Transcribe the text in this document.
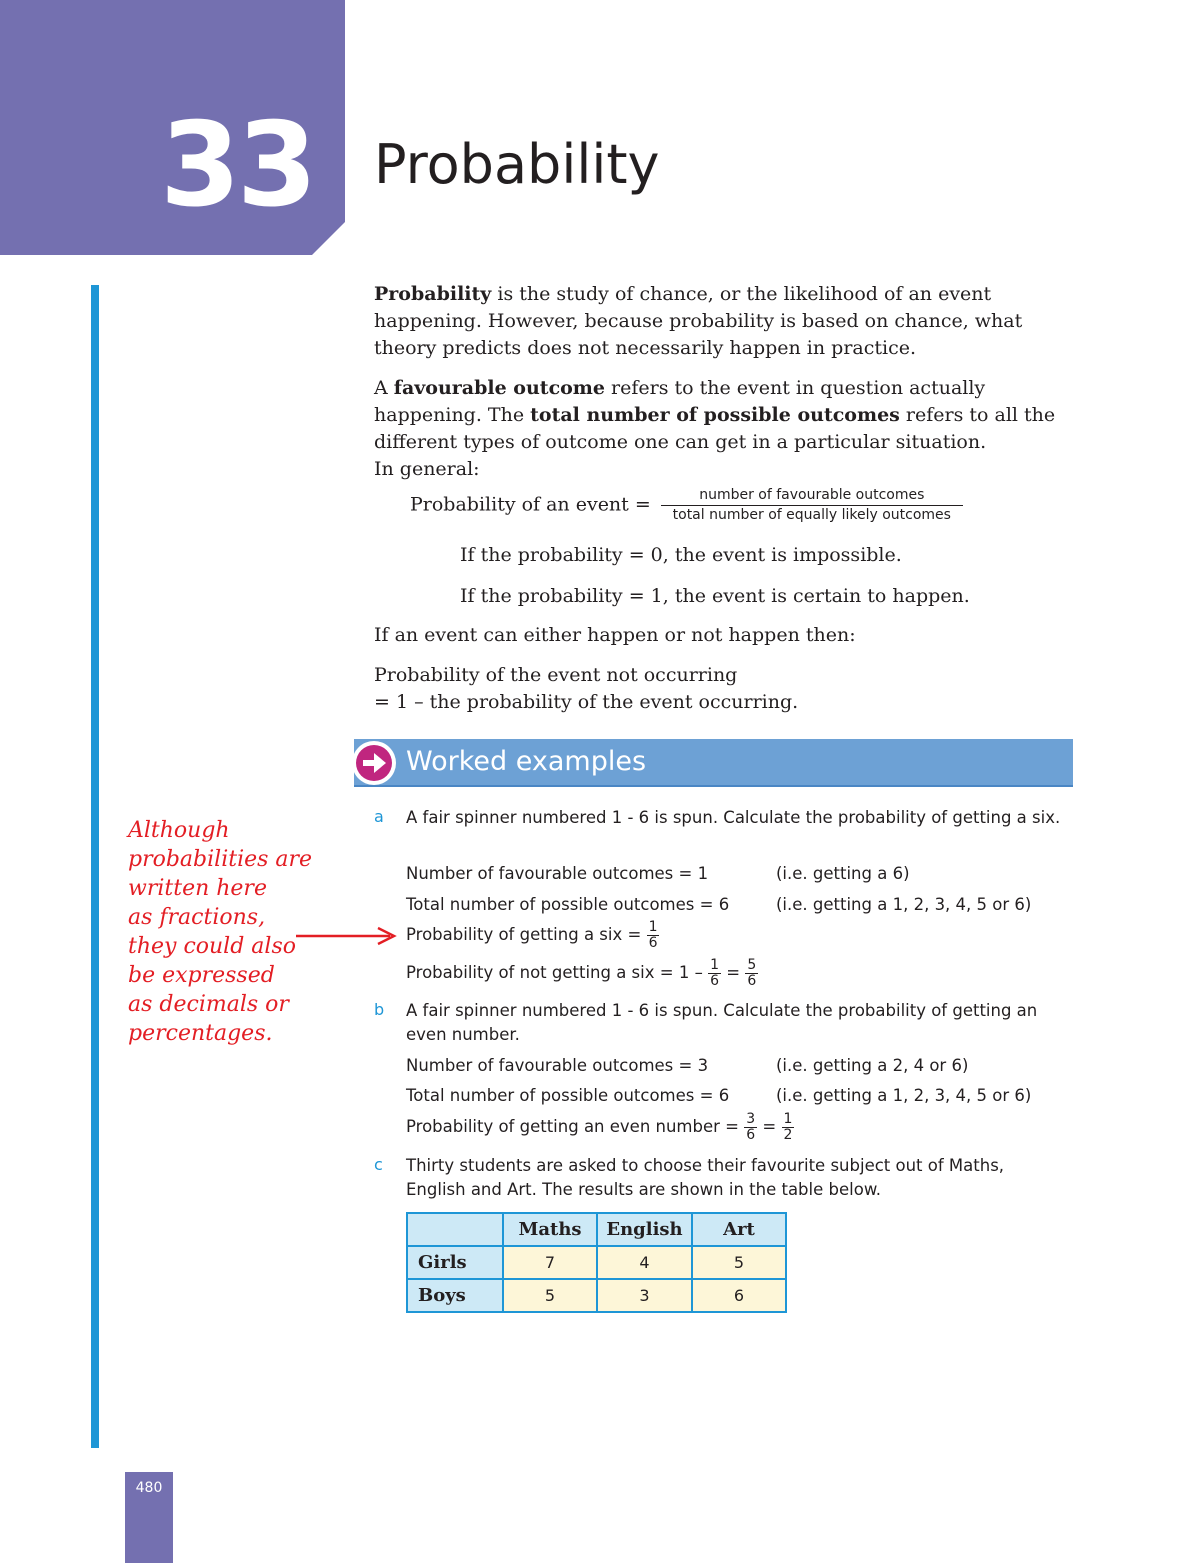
33 Probability
Probability is the study of chance, or the likelihood of an event happening. However, because probability is based on chance, what theory predicts does not necessarily happen in practice.
A favourable outcome refers to the event in question actually happening. The total number of possible outcomes refers to all the different types of outcome one can get in a particular situation.
In general:
Probability of an event = $\frac{\text{number of favourable outcomes}}{\text{total number of equally likely outcomes}}$
If the probability = 0, the event is impossible.
If the probability = 1, the event is certain to happen.
If an event can either happen or not happen then:
Probability of the event not occurring
= 1 – the probability of the event occurring.
Worked examples
a A fair spinner numbered 1 - 6 is spun. Calculate the probability of getting a six.
Number of favourable outcomes = 1	(i.e. getting a 6)
Total number of possible outcomes = 6	(i.e. getting a 1, 2, 3, 4, 5 or 6)
Probability of getting a six = $\frac{1}{6}$
Probability of not getting a six = $1 - \frac{1}{6} = \frac{5}{6}$
b A fair spinner numbered 1 - 6 is spun. Calculate the probability of getting an even number.
Number of favourable outcomes = 3	(i.e. getting a 2, 4 or 6)
Total number of possible outcomes = 6	(i.e. getting a 1, 2, 3, 4, 5 or 6)
Probability of getting an even number = $\frac{3}{6} = \frac{1}{2}$
c Thirty students are asked to choose their favourite subject out of Maths, English and Art. The results are shown in the table below.
	Maths	English	Art
Girls	7	4	5
Boys	5	3	6
Although
probabilities are
written here
as fractions,
they could also
be expressed
as decimals or
percentages.
480
